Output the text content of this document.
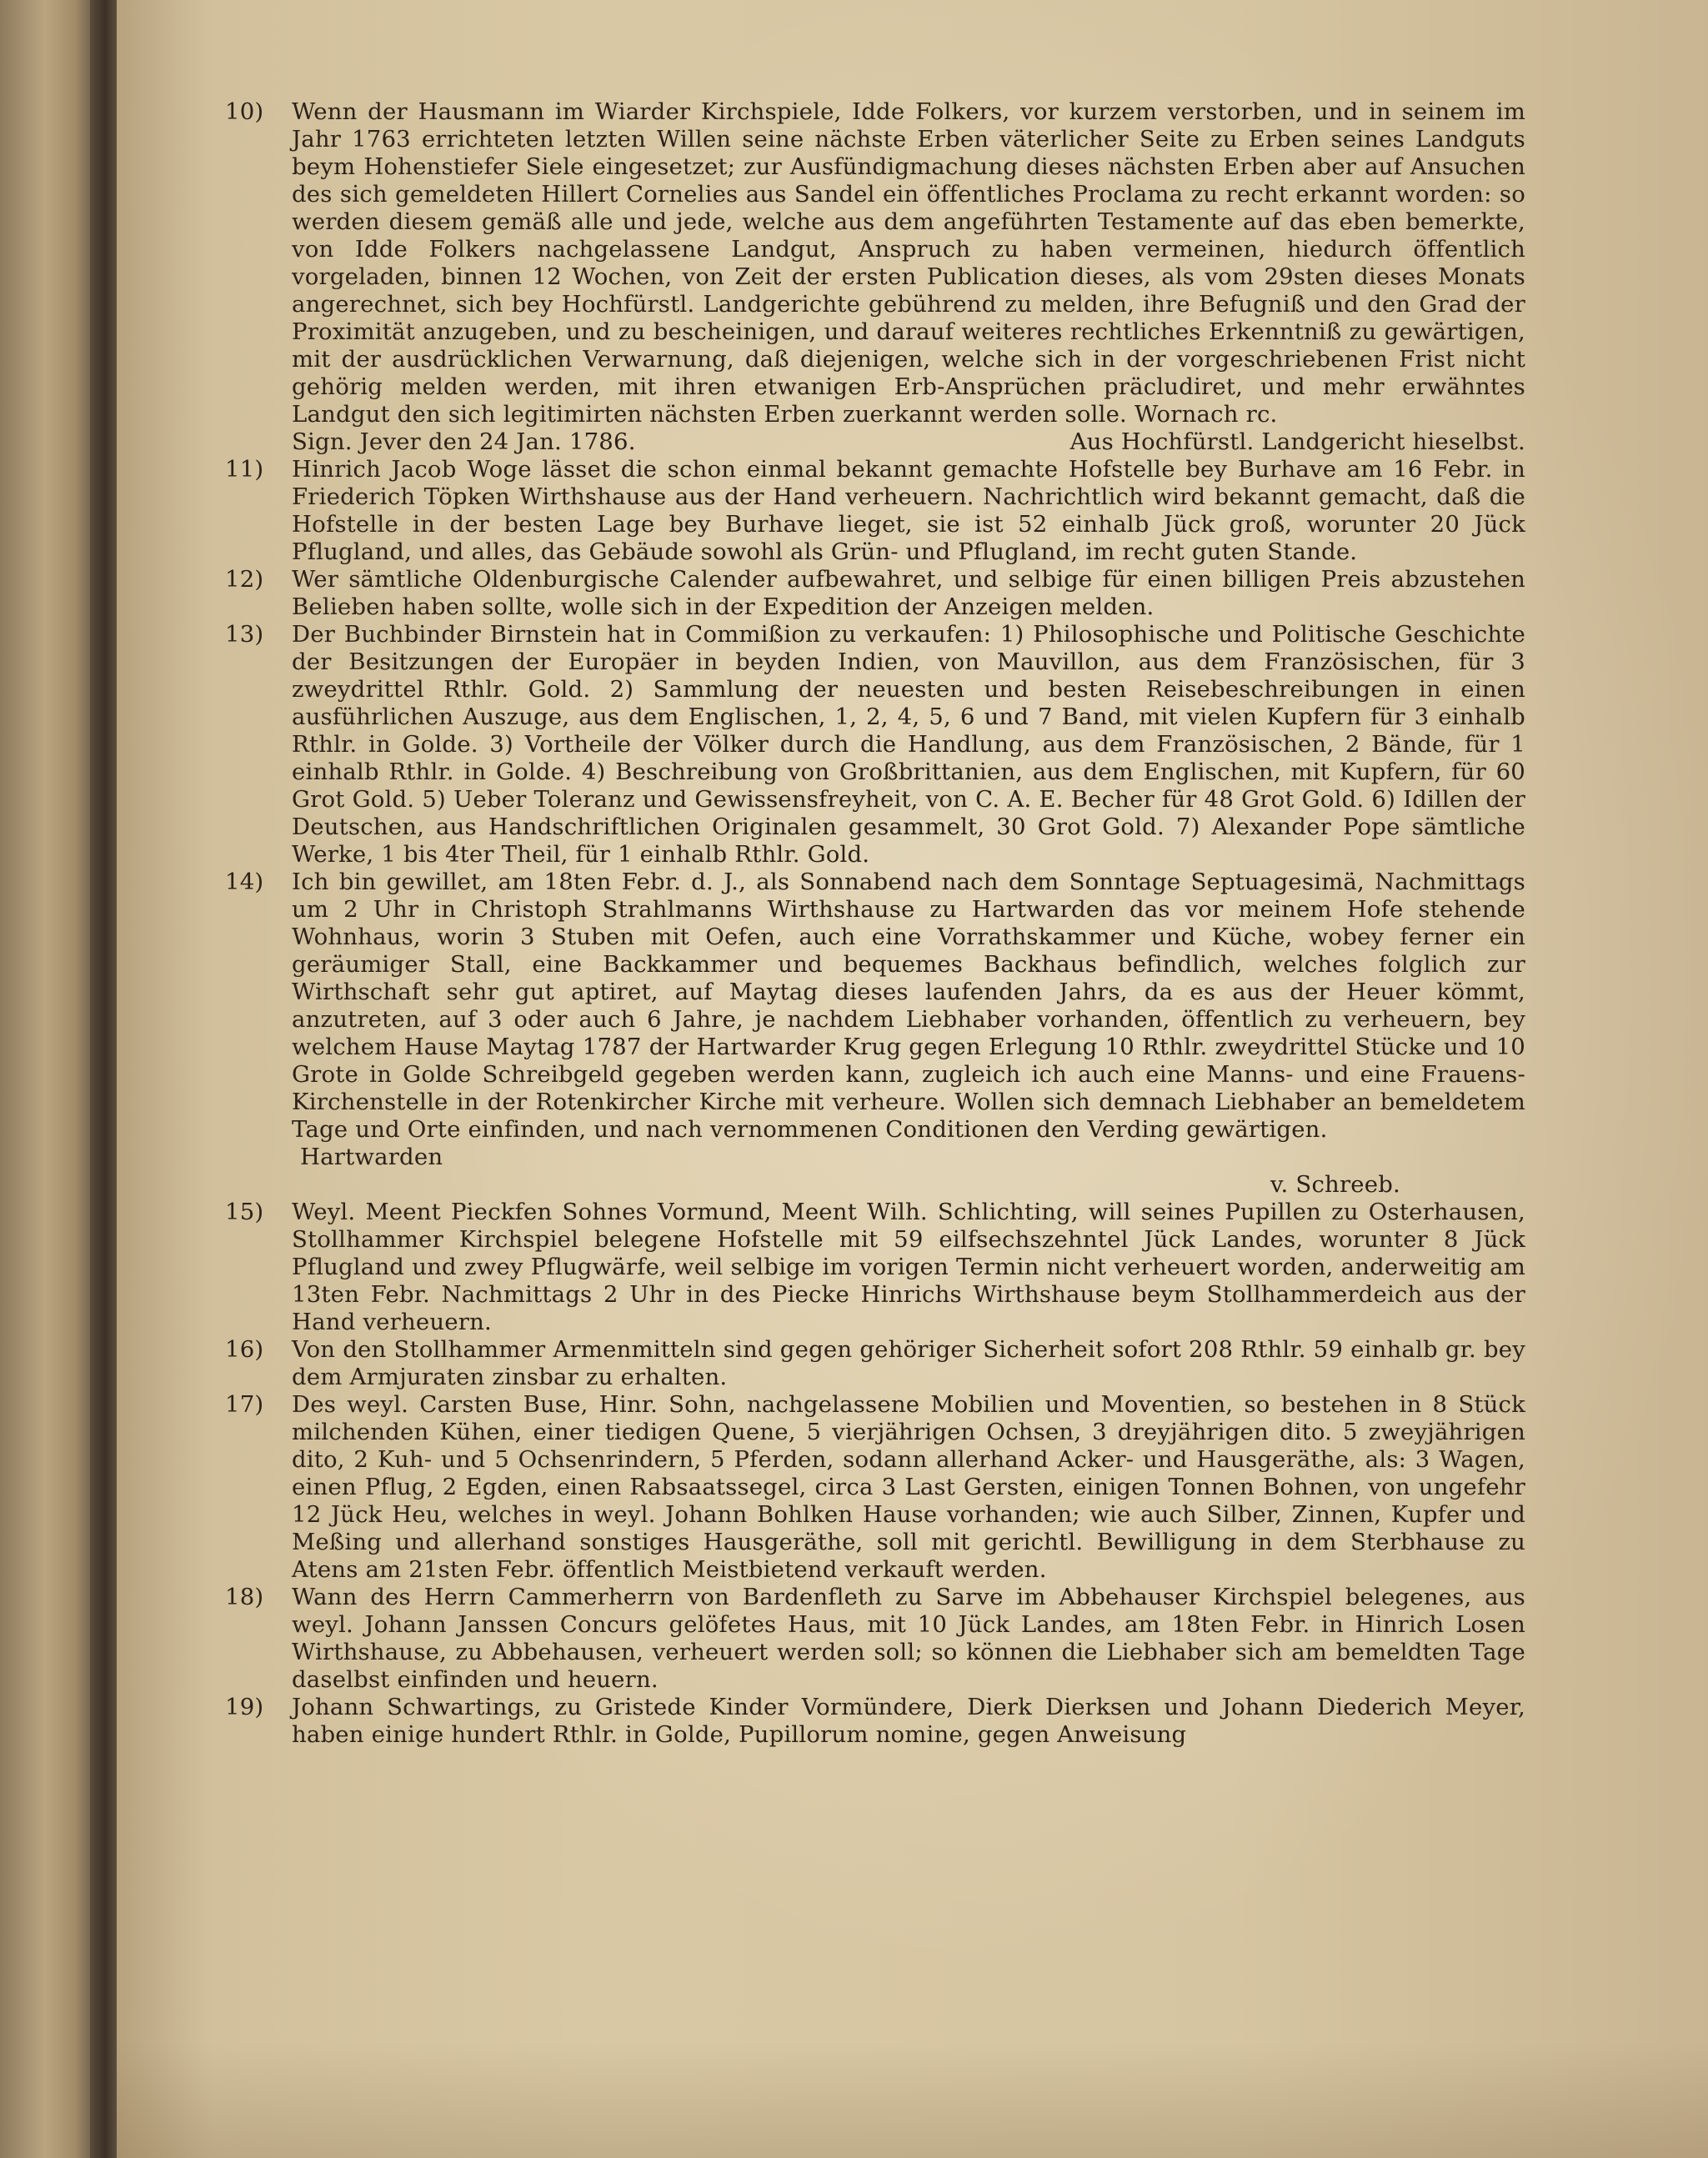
10)	Wenn der Hausmann im Wiarder Kirchspiele, Idde Folkers, vor kurzem verstorben, und in seinem im Jahr 1763 errichteten letzten Willen seine nächste Erben väterlicher Seite zu Erben seines Landguts beym Hohenstiefer Siele eingesetzet; zur Ausfündigmachung dieses nächsten Erben aber auf Ansuchen des sich gemeldeten Hillert Cornelies aus Sandel ein öffentliches Proclama zu recht erkannt worden: so werden diesem gemäß alle und jede, welche aus dem angeführten Testamente auf das eben bemerkte, von Idde Folkers nachgelassene Landgut, Anspruch zu haben vermeinen, hiedurch öffentlich vorgeladen, binnen 12 Wochen, von Zeit der ersten Publication dieses, als vom 29sten dieses Monats angerechnet, sich bey Hochfürstl. Landgerichte gebührend zu melden, ihre Befugniß und den Grad der Proximität anzugeben, und zu bescheinigen, und darauf weiteres rechtliches Erkenntniß zu gewärtigen, mit der ausdrücklichen Verwarnung, daß diejenigen, welche sich in der vorgeschriebenen Frist nicht gehörig melden werden, mit ihren etwanigen Erb-Ansprüchen präcludiret, und mehr erwähntes Landgut den sich legitimirten nächsten Erben zuerkannt werden solle. Wornach rc.

Sign. Jever den 24 Jan. 1786.	Aus Hochfürstl. Landgericht hieselbst.
11)	Hinrich Jacob Woge lässet die schon einmal bekannt gemachte Hofstelle bey Burhave am 16 Febr. in Friederich Töpken Wirthshause aus der Hand verheuern. Nachrichtlich wird bekannt gemacht, daß die Hofstelle in der besten Lage bey Burhave lieget, sie ist 52 einhalb Jück groß, worunter 20 Jück Pflugland, und alles, das Gebäude sowohl als Grün- und Pflugland, im recht guten Stande.

12)	Wer sämtliche Oldenburgische Calender aufbewahret, und selbige für einen billigen Preis abzustehen Belieben haben sollte, wolle sich in der Expedition der Anzeigen melden.

13)	Der Buchbinder Birnstein hat in Commißion zu verkaufen: 1) Philosophische und Politische Geschichte der Besitzungen der Europäer in beyden Indien, von Mauvillon, aus dem Französischen, für 3 zweydrittel Rthlr. Gold. 2) Sammlung der neuesten und besten Reisebeschreibungen in einen ausführlichen Auszuge, aus dem Englischen, 1, 2, 4, 5, 6 und 7 Band, mit vielen Kupfern für 3 einhalb Rthlr. in Golde. 3) Vortheile der Völker durch die Handlung, aus dem Französischen, 2 Bände, für 1 einhalb Rthlr. in Golde. 4) Beschreibung von Großbrittanien, aus dem Englischen, mit Kupfern, für 60 Grot Gold. 5) Ueber Toleranz und Gewissensfreyheit, von C. A. E. Becher für 48 Grot Gold. 6) Idillen der Deutschen, aus Handschriftlichen Originalen gesammelt, 30 Grot Gold. 7) Alexander Pope sämtliche Werke, 1 bis 4ter Theil, für 1 einhalb Rthlr. Gold.

14)	Ich bin gewillet, am 18ten Febr. d. J., als Sonnabend nach dem Sonntage Septuagesimä, Nachmittags um 2 Uhr in Christoph Strahlmanns Wirthshause zu Hartwarden das vor meinem Hofe stehende Wohnhaus, worin 3 Stuben mit Oefen, auch eine Vorrathskammer und Küche, wobey ferner ein geräumiger Stall, eine Backkammer und bequemes Backhaus befindlich, welches folglich zur Wirthschaft sehr gut aptiret, auf Maytag dieses laufenden Jahrs, da es aus der Heuer kömmt, anzutreten, auf 3 oder auch 6 Jahre, je nachdem Liebhaber vorhanden, öffentlich zu verheuern, bey welchem Hause Maytag 1787 der Hartwarder Krug gegen Erlegung 10 Rthlr. zweydrittel Stücke und 10 Grote in Golde Schreibgeld gegeben werden kann, zugleich ich auch eine Manns- und eine Frauens-Kirchenstelle in der Rotenkircher Kirche mit verheure. Wollen sich demnach Liebhaber an bemeldetem Tage und Orte einfinden, und nach vernommenen Conditionen den Verding gewärtigen.

Hartwarden
v. Schreeb.
15)	Weyl. Meent Pieckfen Sohnes Vormund, Meent Wilh. Schlichting, will seines Pupillen zu Osterhausen, Stollhammer Kirchspiel belegene Hofstelle mit 59 eilfsechszehntel Jück Landes, worunter 8 Jück Pflugland und zwey Pflugwärfe, weil selbige im vorigen Termin nicht verheuert worden, anderweitig am 13ten Febr. Nachmittags 2 Uhr in des Piecke Hinrichs Wirthshause beym Stollhammerdeich aus der Hand verheuern.

16)	Von den Stollhammer Armenmitteln sind gegen gehöriger Sicherheit sofort 208 Rthlr. 59 einhalb gr. bey dem Armjuraten zinsbar zu erhalten.

17)	Des weyl. Carsten Buse, Hinr. Sohn, nachgelassene Mobilien und Moventien, so bestehen in 8 Stück milchenden Kühen, einer tiedigen Quene, 5 vierjährigen Ochsen, 3 dreyjährigen dito. 5 zweyjährigen dito, 2 Kuh- und 5 Ochsenrindern, 5 Pferden, sodann allerhand Acker- und Hausgeräthe, als: 3 Wagen, einen Pflug, 2 Egden, einen Rabsaatssegel, circa 3 Last Gersten, einigen Tonnen Bohnen, von ungefehr 12 Jück Heu, welches in weyl. Johann Bohlken Hause vorhanden; wie auch Silber, Zinnen, Kupfer und Meßing und allerhand sonstiges Hausgeräthe, soll mit gerichtl. Bewilligung in dem Sterbhause zu Atens am 21sten Febr. öffentlich Meistbietend verkauft werden.

18)	Wann des Herrn Cammerherrn von Bardenfleth zu Sarve im Abbehauser Kirchspiel belegenes, aus weyl. Johann Janssen Concurs gelöfetes Haus, mit 10 Jück Landes, am 18ten Febr. in Hinrich Losen Wirthshause, zu Abbehausen, verheuert werden soll; so können die Liebhaber sich am bemeldten Tage daselbst einfinden und heuern.

19)	Johann Schwartings, zu Gristede Kinder Vormündere, Dierk Dierksen und Johann Diederich Meyer, haben einige hundert Rthlr. in Golde, Pupillorum nomine, gegen Anweisung
